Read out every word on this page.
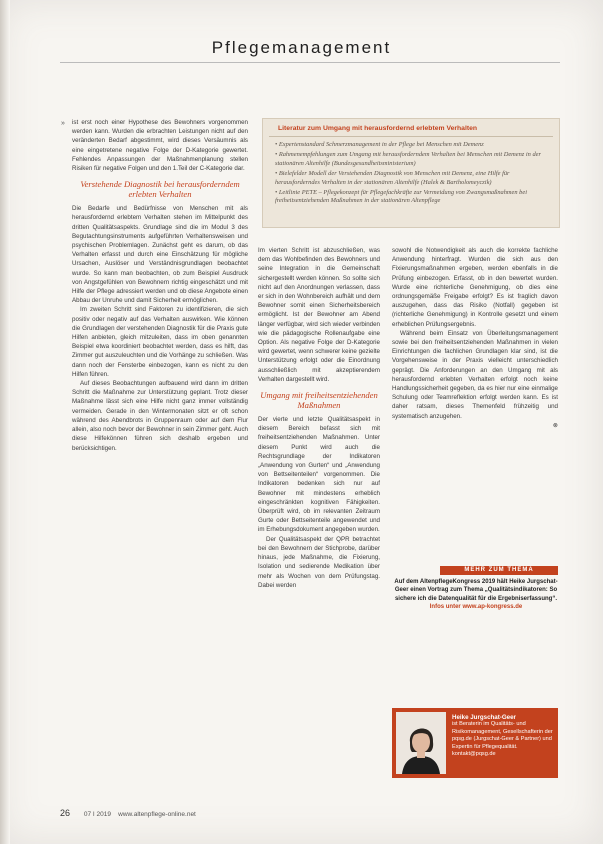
Pflegemanagement
» ist erst noch einer Hypothese des Bewohners vorgenommen werden kann. Wurden die erbrachten Leistungen nicht auf den veränderten Bedarf abgestimmt, wird dieses Versäumnis als eine eingetretene negative Folge der D-Kategorie gewertet. Fehlendes Anpassungen der Maßnahmenplanung stellen Risiken für negative Folgen und den 1.Teil der C-Kategorie dar.

Verstehende Diagnostik bei herausforderndem erlebten Verhalten

Die Bedarfe und Bedürfnisse von Menschen mit als herausfordernd erlebtem Verhalten stehen im Mittelpunkt des dritten Qualitätsaspekts. Grundlage sind die im Modul 3 des Begutachtungsinstruments aufgeführten Verhaltensweisen und psychischen Problemlagen. Zunächst geht es darum, ob das Verhalten erfasst und durch eine Einschätzung für mögliche Ursachen, Auslöser und Verständnisgrundlagen beobachtet wurde. So kann man beobachten, ob zum Beispiel Ausdruck von Angstgefühlen von Bewohnern richtig eingeschätzt und mit Hilfe der Pflege adressiert werden und ob diese Angebote einen Abbau der Unruhe und damit Sicherheit ermöglichen.

Im zweiten Schritt sind Faktoren zu identifizieren, die sich positiv oder negativ auf das Verhalten auswirken. Wie können die Grundlagen der verstehenden Diagnostik für die Praxis gute Hilfen anbieten, gleich mitzuleiten, dass im oben genannten Beispiel etwa koordiniert beobachtet werden, dass es hilft, das Zimmer gut auszuleuchten und die Vorhänge zu schließen. Was dann noch der Fensterbe einbezogen, kann es nicht zu den Hilfen führen.

Auf dieses Beobachtungen aufbauend wird dann im dritten Schritt die Maßnahme zur Unterstützung geplant. Trotz dieser Maßnahme lässt sich eine Hilfe nicht ganz immer vollständig vermeiden. Gerade in den Wintermonaten sitzt er oft schon während des Abendbrots in Gruppenraum oder auf dem Flur allein, also noch bevor der Bewohner in sein Zimmer geht. Auch diese Hilfekönnen führen sich deshalb ergeben und berücksichtigen.

Literatur zum Umgang mit herausfordernd erlebtem Verhalten
• Expertenstandard Schmerzmanagement in der Pflege bei Menschen mit Demenz
• Rahmenempfehlungen zum Umgang mit herausforderndem Verhalten bei Menschen mit Demenz in der stationären Altenhilfe (Bundesgesundheitsministerium)
• Bielefelder Modell der Verstehenden Diagnostik von Menschen mit Demenz, eine Hilfe für herausforderndes Verhalten in der stationären Altenhilfe (Halek & Bartholomeyczik)
• Leitlinie PETE – Pflegekonzept für Pflegefachkräfte zur Vermeidung von Zwangsmaßnahmen bei freiheitsentziehenden Maßnahmen in der stationären Altenpflege

Im vierten Schritt ist abzuschließen, was dem das Wohlbefinden des Bewohners und seine Integration in die Gemeinschaft sichergestellt werden können. So sollte sich nicht auf den Anordnungen verlassen, dass er sich in den Wohnbereich aufhält und dem Bewohner somit einen Sicherheitsbereich ermöglicht. Ist der Bewohner am Abend länger verfügbar, wird sich wieder verbinden wie die pädagogische Rollenaufgabe eine Option. Als negative Folge der D-Kategorie wird gewertet, wenn schwerer keine gezielte Unterstützung erfolgt oder die Einordnung ausschließlich mit akzeptierendem Verhalten dargestellt wird.

Umgang mit freiheitsentziehenden Maßnahmen

Der vierte und letzte Qualitätsaspekt in diesem Bereich befasst sich mit freiheitsentziehenden Maßnahmen. Unter diesem Punkt wird auch die Rechtsgrundlage der Indikatoren „Anwendung von Gurten“ und „Anwendung von Bettseitenteilen“ vorgenommen. Die Indikatoren bedenken sich nur auf Bewohner mit mindestens erheblich eingeschränkten kognitiven Fähigkeiten. Überprüft wird, ob im relevanten Zeitraum Gurte oder Bettseitenteile angewendet und im Erhebungsdokument angegeben wurden.

Der Qualitätsaspekt der QPR betrachtet bei den Bewohnern der Stichprobe, darüber hinaus, jede Maßnahme, die Fixierung, Isolation und sedierende Medikation über mehr als Wochen von dem Prüfungstag. Dabei werden

sowohl die Notwendigkeit als auch die korrekte fachliche Anwendung hinterfragt. Wurden die sich aus den Fixierungsmaßnahmen ergeben, werden ebenfalls in die Prüfung einbezogen. Erfasst, ob in den bewertet wurden. Wurde eine richterliche Genehmigung, ob dies eine ordnungsgemäße Freigabe erfolgt? Es ist fraglich davon auszugehen, dass das Risiko (Notfall) gegeben ist (richterliche Genehmigung) in Kontrolle gesetzt und einem erheblichen Prüfungsergebnis.

Während beim Einsatz von Überleitungsmanagement sowie bei den freiheitsentziehenden Maßnahmen in vielen Einrichtungen die fachlichen Grundlagen klar sind, ist die Vorgehensweise in der Praxis vielleicht unterschiedlich geprägt. Die Anforderungen an den Umgang mit als herausfordernd erlebten Verhalten erfolgt noch keine Handlungssicherheit gegeben, da es hier nur eine einmalige Schulung oder Teamreflektion erfolgt werden kann. Es ist daher ratsam, dieses Themenfeld frühzeitig und systematisch anzugehen.

⊗
MEHR ZUM THEMA
Auf dem AltenpflegeKongress 2019 hält Heike Jurgschat-Geer einen Vortrag zum Thema „Qualitätsindikatoren: So sichere ich die Datenqualität für die Ergebniserfassung“. Infos unter www.ap-kongress.de
Heike Jurgschat-Geer
ist Beraterin im Qualitäts- und Risikomanagement, Gesellschafterin der pqsg.de (Jurgschat-Geer & Partner) und Expertin für Pflegequalität.
kontakt@pqsg.de
26 07 I 2019 www.altenpflege-online.net
